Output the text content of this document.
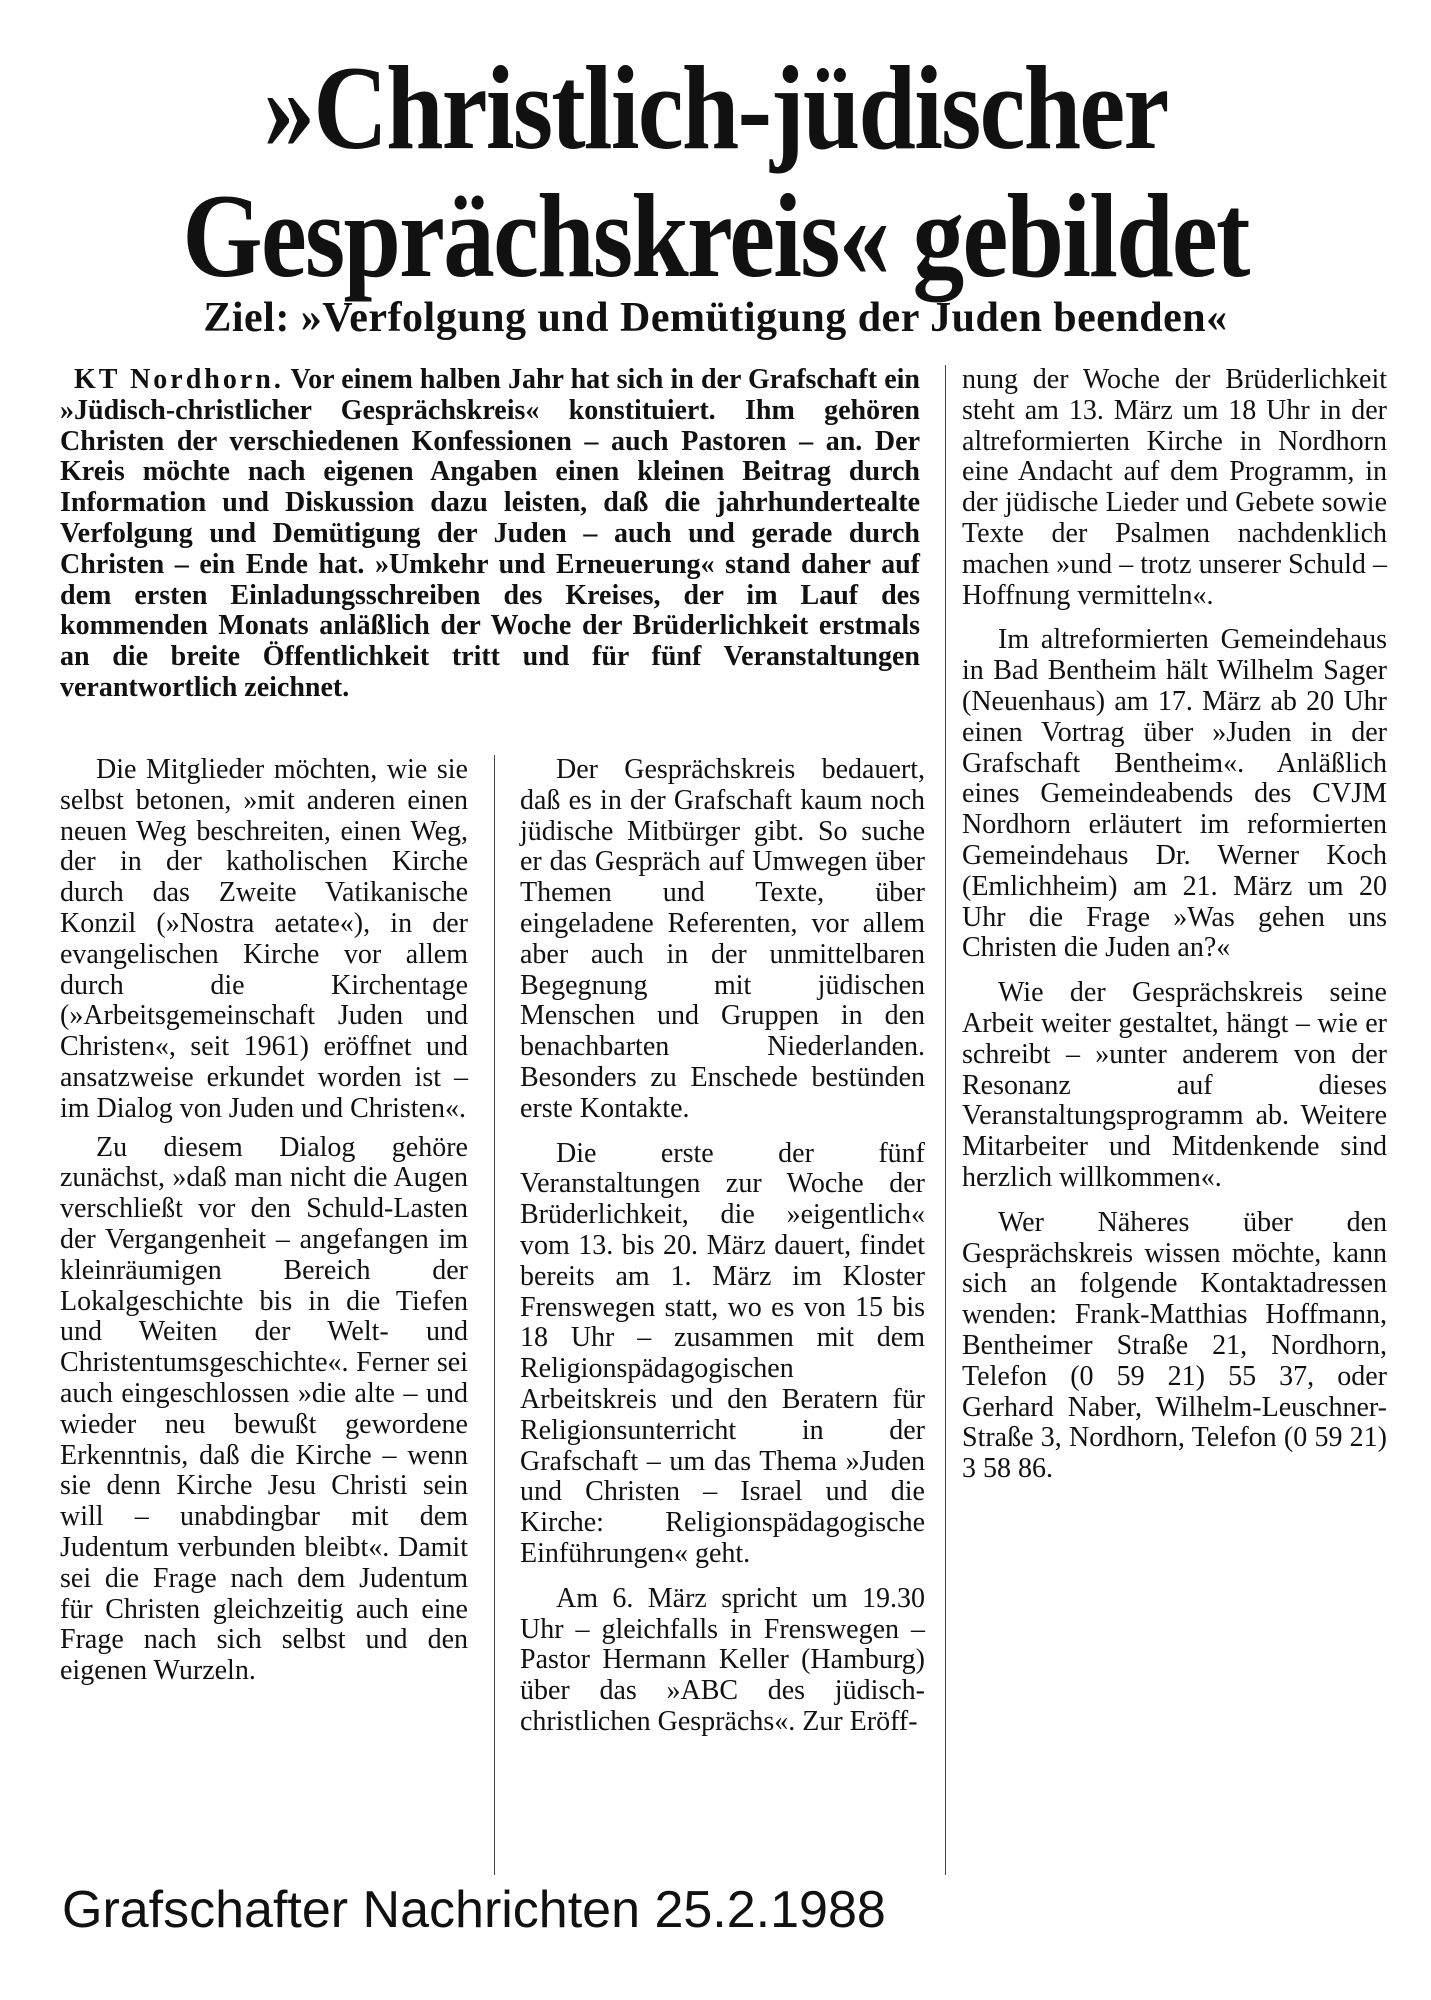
»Christlich-jüdischer
Gesprächskreis« gebildet
Ziel: »Verfolgung und Demütigung der Juden beenden«

KT Nordhorn. Vor einem halben Jahr hat sich in der Grafschaft ein »Jüdisch-christlicher Gesprächskreis« konstituiert. Ihm gehören Christen der verschiedenen Konfessionen – auch Pastoren – an. Der Kreis möchte nach eigenen Angaben einen kleinen Beitrag durch Information und Diskussion dazu leisten, daß die jahrhundertealte Verfolgung und Demütigung der Juden – auch und gerade durch Christen – ein Ende hat. »Umkehr und Erneuerung« stand daher auf dem ersten Einladungsschreiben des Kreises, der im Lauf des kommenden Monats anläßlich der Woche der Brüderlichkeit erstmals an die breite Öffentlichkeit tritt und für fünf Veranstaltungen verantwortlich zeichnet.

Die Mitglieder möchten, wie sie selbst betonen, »mit anderen einen neuen Weg beschreiten, einen Weg, der in der katholischen Kirche durch das Zweite Vatikanische Konzil (»Nostra aetate«), in der evangelischen Kirche vor allem durch die Kirchentage (»Arbeitsgemeinschaft Juden und Christen«, seit 1961) eröffnet und ansatzweise erkundet worden ist – im Dialog von Juden und Christen«.

Zu diesem Dialog gehöre zunächst, »daß man nicht die Augen verschließt vor den Schuld-Lasten der Vergangenheit – angefangen im kleinräumigen Bereich der Lokalgeschichte bis in die Tiefen und Weiten der Welt- und Christentumsgeschichte«. Ferner sei auch eingeschlossen »die alte – und wieder neu bewußt gewordene Erkenntnis, daß die Kirche – wenn sie denn Kirche Jesu Christi sein will – unabdingbar mit dem Judentum verbunden bleibt«. Damit sei die Frage nach dem Judentum für Christen gleichzeitig auch eine Frage nach sich selbst und den eigenen Wurzeln.

Der Gesprächskreis bedauert, daß es in der Grafschaft kaum noch jüdische Mitbürger gibt. So suche er das Gespräch auf Umwegen über Themen und Texte, über eingeladene Referenten, vor allem aber auch in der unmittelbaren Begegnung mit jüdischen Menschen und Gruppen in den benachbarten Niederlanden. Besonders zu Enschede bestünden erste Kontakte.

Die erste der fünf Veranstaltungen zur Woche der Brüderlichkeit, die »eigentlich« vom 13. bis 20. März dauert, findet bereits am 1. März im Kloster Frenswegen statt, wo es von 15 bis 18 Uhr – zusammen mit dem Religionspädagogischen Arbeitskreis und den Beratern für Religionsunterricht in der Grafschaft – um das Thema »Juden und Christen – Israel und die Kirche: Religionspädagogische Einführungen« geht.

Am 6. März spricht um 19.30 Uhr – gleichfalls in Frenswegen – Pastor Hermann Keller (Hamburg) über das »ABC des jüdisch-christlichen Gesprächs«. Zur Eröff-

nung der Woche der Brüderlichkeit steht am 13. März um 18 Uhr in der altreformierten Kirche in Nordhorn eine Andacht auf dem Programm, in der jüdische Lieder und Gebete sowie Texte der Psalmen nachdenklich machen »und – trotz unserer Schuld – Hoffnung vermitteln«.

Im altreformierten Gemeindehaus in Bad Bentheim hält Wilhelm Sager (Neuenhaus) am 17. März ab 20 Uhr einen Vortrag über »Juden in der Grafschaft Bentheim«. Anläßlich eines Gemeindeabends des CVJM Nordhorn erläutert im reformierten Gemeindehaus Dr. Werner Koch (Emlichheim) am 21. März um 20 Uhr die Frage »Was gehen uns Christen die Juden an?«

Wie der Gesprächskreis seine Arbeit weiter gestaltet, hängt – wie er schreibt – »unter anderem von der Resonanz auf dieses Veranstaltungsprogramm ab. Weitere Mitarbeiter und Mitdenkende sind herzlich willkommen«.

Wer Näheres über den Gesprächskreis wissen möchte, kann sich an folgende Kontaktadressen wenden: Frank-Matthias Hoffmann, Bentheimer Straße 21, Nordhorn, Telefon (0 59 21) 55 37, oder Gerhard Naber, Wilhelm-Leuschner-Straße 3, Nordhorn, Telefon (0 59 21) 3 58 86.

Grafschafter Nachrichten 25.2.1988
